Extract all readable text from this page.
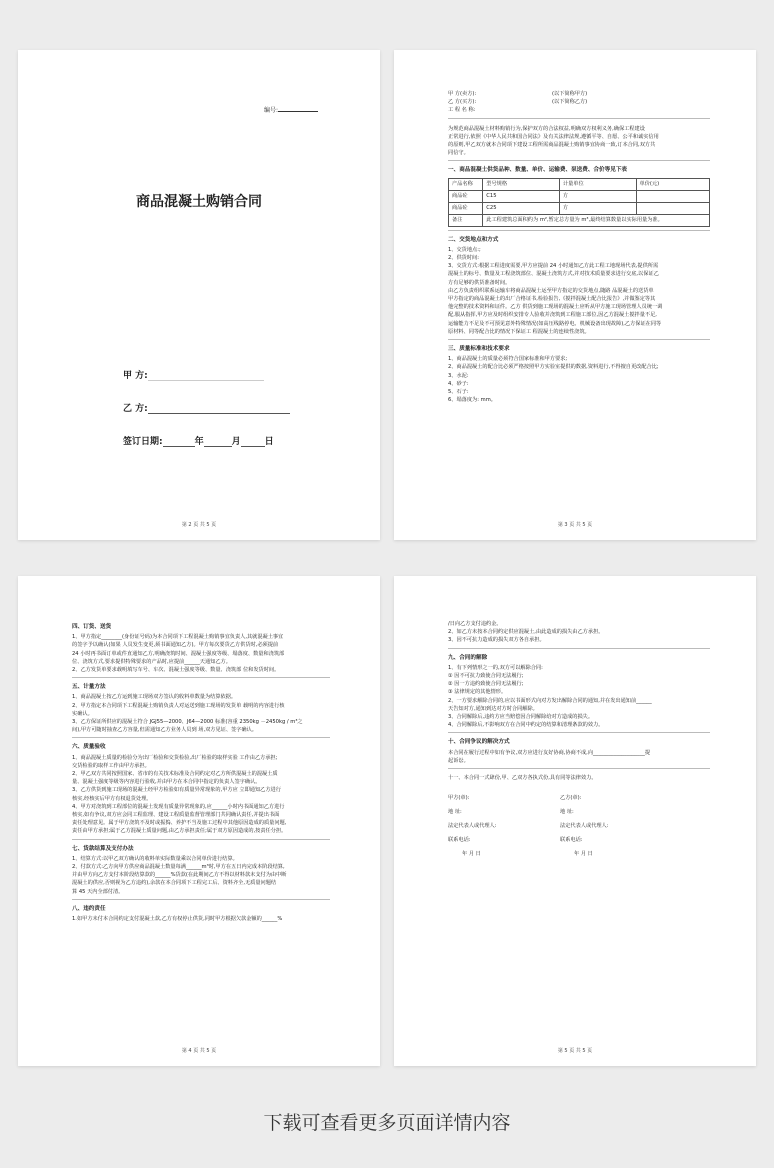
编号:
商品混凝土购销合同
甲 方:
乙 方:
签订日期:	年	月	日
第 2 页 共 5 页
甲 方(卖方):	(以下简称甲方)
乙 方(买方):	(以下简称乙方)
工 程 名 称:
为规范商品混凝土材料购销行为,保护双方的合法权益,明确双方权利义务,确保工程建设
正常进行,依照《中华人民共和国合同法》及有关法律法规,遵循平等、自愿、公平和诚实信用
的原则,甲乙双方就本合同项下建设工程所需商品混凝土购销事宜协商一致,订本合同,双方共
同信守。
一、商品混凝土供货品种、数量、单价、运输费、泵送费、合价等见下表
产品名称	型号规格	计量单位	单价(元)
商品砼	C15	方	
商品砼	C25	方	
备注	此工程建筑总面积约为 m²,暂定总方量为 m³,最终结算数量以实际用量为准。		
二、交货地点和方式
1、交货地点:;
2、供货时间:
3、交货方式:根据工程进度需要,甲方应提前 24 小时通知乙方此工程工地现场代表,提供所需
混凝土的标号、数量及工程浇筑部位、混凝土浇筑方式,并对技术质量要求进行交底,以保证乙
方有足够的供货准备时间。
由乙方负责组织联系运输车将商品混凝土运至甲方指定的交货地点,随路 品混凝土的送货单
甲方指定的商品混凝土的出厂合格证书,检验报告,《搅拌混凝土配合比报告》,并做鉴定等其
他完整的技术资料和证件。乙方 供货到施工现场的混凝土应听从甲方施工现场管理人员统一调
配,服从指挥,甲方应及时组织安排专人验收并浇筑到工程施工部位,因乙方混凝土搅拌量不足,
运输能力不足及不可预见意外特殊情况(如高压线路停电、机械设备出现故障),乙方保证在同等
原材料、同等配合比的情况下保证工 程混凝土的连续性浇筑。
三、质量标准和技术要求
1、商品混凝土的质量必须符合国家标准和甲方要求;
2、商品混凝土的配合比必须严格按照甲方实验室提供的数据,资料进行,不得擅自更改配合比;
3、水泥:
4、砂子:
5、石子:
6、塌落度为: mm。
第 3 页 共 5 页
四、订货、送货
1、甲方指定________(身份证号码)为本合同项下工程混凝土购销事宜负责人,其就混凝土事宜
的签字予以确认(如果 人员发生变更,须书面通知乙方)。甲方每次要货乙方供货时,必须提前
24 小时再书面订单或件直通知乙方,明确浇筑时间、混凝土强度等级、塌落度、数量和浇筑部
位、浇筑方式,要求提供特殊要求的产品时,应提前______天通知乙方。
2、乙方发货单要求载明填写车号、车次、混凝土强度等级、数量、浇筑部 位和发货时间。
五、计量方法
1、商品混凝土按乙方运到施工现场双方签认的收料单数量为结算依据。
2、甲方指定本合同项下工程混凝土购销负责人对运送到施工现场的发货单 载明的内容进行核
实确认。
3、乙方保证所供应的混凝土符合 JGJ55—2000、J64—2000 标准(容重 2350kg －2450kg / m³之
间),甲方可随时抽查乙方容量,但需通知乙方业务人员到 场,双方见证、签字确认。
六、质量验收
1、商品混凝土质量的检验分为出厂检验和交货检验,出厂检验的取样实验 工作由乙方承担;
交货检验的取样工作由甲方承担。
2、甲乙双方共同按照国家、省市的有关技术标准及合同约定对乙方所供混凝土的混凝土质
量、混凝土强度等级等内容进行验收,并由甲方在本合同中指定的负责人签字确认。
3、乙方供货到施工现场的混凝土经甲方检验如有质量异常现象的,甲方应 立即通知乙方进行
核实,经核实后甲方有权退货处理。
4、甲方对浇筑到工程部位的混凝土发现有质量异常现象的,应______小时内书面通知乙方进行
核实,如有争议,双方应会同工程监理、建设工程质量监督管理部门共同确认责任,并提出书面
责任处理意见。属于甲方浇筑不及时或振捣、养护不当及施工过程中其他原因造成的质量问题,
责任由甲方承担;属于乙方混凝土质量问题,由乙方承担责任;属于双方原因造成的,按责任分担。
七、货款结算及支付办法
1、结算方式:以甲乙双方确认的收料单实际数量乘以合同单价进行结算。
2、付款方式:乙方向甲方供应商品混凝土数量每满______m³时,甲方在五日内完成本阶段结算,
并由甲方向乙方支付本阶段结算款的______%货款(在此期间乙方不得以材料款未支付为由中断
混凝土的供应,否则视为乙方违约),余款在本合同项下工程完工后、资料齐全,无质量问题结
算 45 天内全部付清。
八、违约责任
1.如甲方未付本合同约定支付混凝土款,乙方有权停止供货,同时甲方根据欠款金额的______%
第 4 页 共 5 页
/日向乙方支付违约金。
2、如乙方未按本合同约定供应混凝土,由此造成的损失由乙方承担。
3、因不可抗力造成的损失双方各自承担。
九、合同的解除
1、有下列情形之一的,双方可以解除合同:
① 因不可抗力致使合同无法履行;
② 因一方违约致使合同无法履行;
③ 法律规定的其他情形。
2、一方要求解除合同的,应以书面形式向对方发出解除合同的通知,并在发出通知前______
天告知对方,通知到达对方时合同解除。
3、合同解除后,违约方应当赔偿因合同解除给对方造成的损失。
4、合同解除后,不影响双方在合同中约定的结算和清理条款的效力。
十、合同争议的解决方式
本合同在履行过程中如有争议,双方应进行友好协商,协商不成,向____________________提
起诉讼。
十一、本合同一式肆份,甲、乙双方各执式份,具有同等法律效力。
甲方(章):
地 址:
法定代表人或代理人:
联系电话:
年 月 日
乙方(章):
地 址:
法定代表人或代理人:
联系电话:
年 月 日
第 5 页 共 5 页
下载可查看更多页面详情内容
